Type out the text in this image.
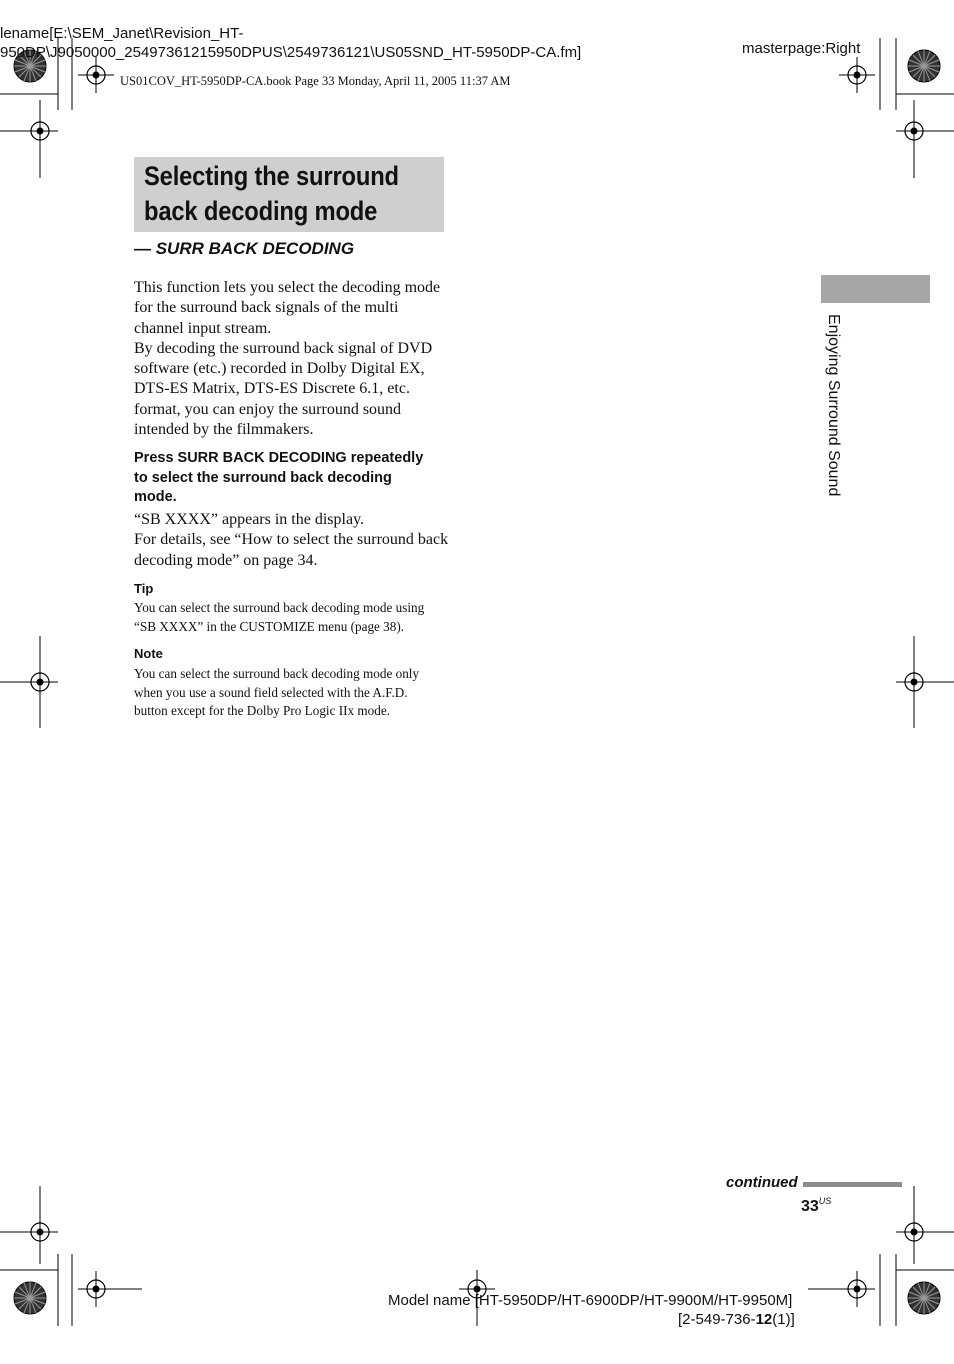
lename[E:\SEM_Janet\Revision_HT-
950DP\J9050000_25497361215950DPUS\2549736121\US05SND_HT-5950DP-CA.fm]	masterpage:Right
US01COV_HT-5950DP-CA.book Page 33 Monday, April 11, 2005 11:37 AM
Selecting the surround
back decoding mode
— SURR BACK DECODING
This function lets you select the decoding mode
for the surround back signals of the multi
channel input stream.
By decoding the surround back signal of DVD
software (etc.) recorded in Dolby Digital EX,
DTS-ES Matrix, DTS-ES Discrete 6.1, etc.
format, you can enjoy the surround sound
intended by the filmmakers.
Press SURR BACK DECODING repeatedly
to select the surround back decoding
mode.
“SB XXXX” appears in the display.
For details, see “How to select the surround back
decoding mode” on page 34.
Tip
You can select the surround back decoding mode using
“SB XXXX” in the CUSTOMIZE menu (page 38).
Note
You can select the surround back decoding mode only
when you use a sound field selected with the A.F.D.
button except for the Dolby Pro Logic IIx mode.
Enjoying Surround Sound
continued
$33^{US}$
Model name [HT-5950DP/HT-6900DP/HT-9900M/HT-9950M]
[2-549-736-12(1)]
